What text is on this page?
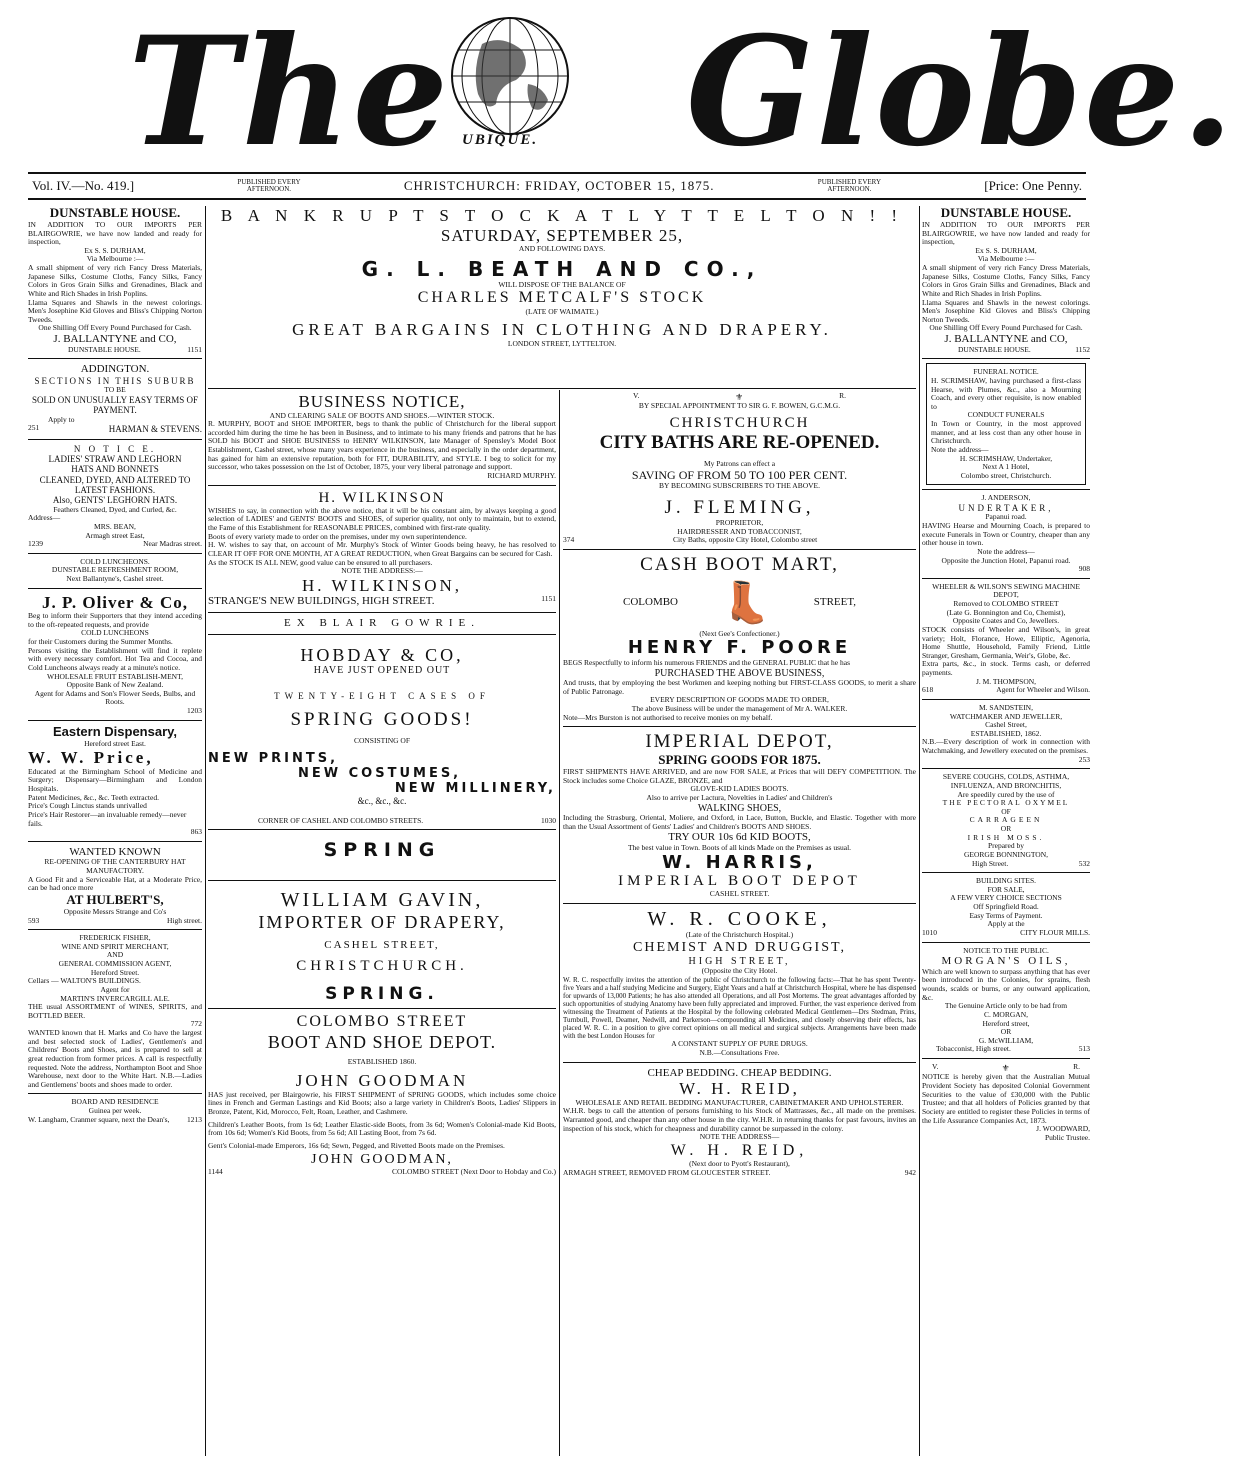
The UBIQUE. Globe.
Vol. IV.—No. 419.]	PUBLISHED EVERY AFTERNOON.	CHRISTCHURCH: FRIDAY, OCTOBER 15, 1875.	PUBLISHED EVERY AFTERNOON.	[Price: One Penny.
DUNSTABLE HOUSE.
IN ADDITION TO OUR IMPORTS PER BLAIRGOWRIE, we have now landed and ready for inspection,
Ex S. S. DURHAM,
Via Melbourne :—
A small shipment of very rich Fancy Dress Materials, Japanese Silks, Costume Cloths, Fancy Silks, Fancy Colors in Gros Grain Silks and Grenadines, Black and White and Rich Shades in Irish Poplins.
Llama Squares and Shawls in the newest colorings. Men's Josephine Kid Gloves and Bliss's Chipping Norton Tweeds.
One Shilling Off Every Pound Purchased for Cash.
J. BALLANTYNE and CO,
DUNSTABLE HOUSE.	1151
ADDINGTON.
SECTIONS IN THIS SUBURB
TO BE
SOLD ON UNUSUALLY EASY TERMS OF PAYMENT.
Apply to
251	HARMAN & STEVENS.
N O T I C E.
LADIES' STRAW AND LEGHORN
HATS AND BONNETS
CLEANED, DYED, AND ALTERED TO LATEST FASHIONS.
Also, GENTS' LEGHORN HATS.
Feathers Cleaned, Dyed, and Curled, &c.
Address—
MRS. BEAN,
Armagh street East,
1239	Near Madras street.
COLD LUNCHEONS.
DUNSTABLE REFRESHMENT ROOM,
Next Ballantyne's, Cashel street.
J. P. Oliver & Co,
Beg to inform their Supporters that they intend acceding to the oft-repeated requests, and provide
COLD LUNCHEONS
for their Customers during the Summer Months.
Persons visiting the Establishment will find it replete with every necessary comfort. Hot Tea and Cocoa, and Cold Luncheons always ready at a minute's notice.
WHOLESALE FRUIT ESTABLISH-MENT,
Opposite Bank of New Zealand.
Agent for Adams and Son's Flower Seeds, Bulbs, and Roots.
1203
Eastern Dispensary,
Hereford street East.
W. W. Price,
Educated at the Birmingham School of Medicine and Surgery; Dispensary—Birmingham and London Hospitals.
Patent Medicines, &c., &c. Teeth extracted.
Price's Cough Linctus stands unrivalled
Price's Hair Restorer—an invaluable remedy—never fails.
863
WANTED KNOWN
RE-OPENING OF THE CANTERBURY HAT MANUFACTORY.
A Good Fit and a Serviceable Hat, at a Moderate Price, can be had once more
AT HULBERT'S,
Opposite Messrs Strange and Co's
593	High street.
FREDERICK FISHER,
WINE AND SPIRIT MERCHANT,
AND
GENERAL COMMISSION AGENT,
Hereford Street.
Cellars — WALTON'S BUILDINGS.
Agent for
MARTIN'S INVERCARGILL ALE.
THE usual ASSORTMENT of WINES, SPIRITS, and BOTTLED BEER.
772
WANTED known that H. Marks and Co have the largest and best selected stock of Ladies', Gentlemen's and Childrens' Boots and Shoes, and is prepared to sell at great reduction from former prices. A call is respectfully requested. Note the address, Northampton Boot and Shoe Warehouse, next door to the White Hart. N.B.—Ladies and Gentlemens' boots and shoes made to order.
BOARD AND RESIDENCE
Guinea per week.
W. Langham, Cranmer square, next the Dean's, 1213
B A N K R U P T S T O C K A T L Y T T E L T O N ! !
SATURDAY, SEPTEMBER 25,
AND FOLLOWING DAYS.
G. L. BEATH AND CO.,
WILL DISPOSE OF THE BALANCE OF
CHARLES METCALF'S STOCK
(LATE OF WAIMATE.)
GREAT BARGAINS IN CLOTHING AND DRAPERY.
LONDON STREET, LYTTELTON.
BUSINESS NOTICE,
AND CLEARING SALE OF BOOTS AND SHOES.—WINTER STOCK.
R. MURPHY, BOOT and SHOE IMPORTER, begs to thank the public of Christchurch for the liberal support accorded him during the time he has been in Business, and to intimate to his many friends and patrons that he has SOLD his BOOT and SHOE BUSINESS to HENRY WILKINSON, late Manager of Spensley's Model Boot Establishment, Cashel street, whose many years experience in the business, and especially in the order department, has gained for him an extensive reputation, both for FIT, DURABILITY, and STYLE. I beg to solicit for my successor, who takes possession on the 1st of October, 1875, your very liberal patronage and support.
RICHARD MURPHY.
H. WILKINSON
WISHES to say, in connection with the above notice, that it will be his constant aim, by always keeping a good selection of LADIES' and GENTS' BOOTS and SHOES, of superior quality, not only to maintain, but to extend, the Fame of this Establishment for REASONABLE PRICES, combined with first-rate quality.
Boots of every variety made to order on the premises, under my own superintendence.
H. W. wishes to say that, on account of Mr. Murphy's Stock of Winter Goods being heavy, he has resolved to CLEAR IT OFF FOR ONE MONTH, AT A GREAT REDUCTION, when Great Bargains can be secured for Cash.
As the STOCK IS ALL NEW, good value can be ensured to all purchasers.
NOTE THE ADDRESS:—
H. WILKINSON,
STRANGE'S NEW BUILDINGS, HIGH STREET.	1151
EX BLAIR GOWRIE.
HOBDAY & CO,
HAVE JUST OPENED OUT
TWENTY-EIGHT CASES OF
SPRING GOODS!
CONSISTING OF
NEW PRINTS,
NEW COSTUMES,
NEW MILLINERY,
&c., &c., &c.
CORNER OF CASHEL AND COLOMBO STREETS.	1030
SPRING
WILLIAM GAVIN,
IMPORTER OF DRAPERY,
CASHEL STREET,
CHRISTCHURCH.
SPRING.
COLOMBO STREET
BOOT AND SHOE DEPOT.
ESTABLISHED 1860.
JOHN GOODMAN
HAS just received, per Blairgowrie, his FIRST SHIPMENT of SPRING GOODS, which includes some choice lines in French and German Lastings and Kid Boots; also a large variety in Children's Boots, Ladies' Slippers in Bronze, Patent, Kid, Morocco, Felt, Roan, Leather, and Cashmere.
Children's Leather Boots, from 1s 6d; Leather Elastic-side Boots, from 3s 6d; Women's Colonial-made Kid Boots, from 10s 6d; Women's Kid Boots, from 5s 6d; All Lasting Boot, from 7s 6d.
Gent's Colonial-made Emperors, 16s 6d; Sewn, Pegged, and Rivetted Boots made on the Premises.
JOHN GOODMAN,
1144	COLOMBO STREET (Next Door to Hobday and Co.)
V.	⚜	R.
BY SPECIAL APPOINTMENT TO SIR G. F. BOWEN, G.C.M.G.
CHRISTCHURCH
CITY BATHS ARE RE-OPENED.
My Patrons can effect a
SAVING OF FROM 50 TO 100 PER CENT.
BY BECOMING SUBSCRIBERS TO THE ABOVE.
J. FLEMING,
PROPRIETOR,
HAIRDRESSER AND TOBACCONIST,
374	City Baths, opposite City Hotel, Colombo street
CASH BOOT MART,
COLOMBO 👢	STREET,
(Next Gee's Confectioner.)
HENRY F. POORE
BEGS Respectfully to inform his numerous FRIENDS and the GENERAL PUBLIC that he has
PURCHASED THE ABOVE BUSINESS,
And trusts, that by employing the best Workmen and keeping nothing but FIRST-CLASS GOODS, to merit a share of Public Patronage.
EVERY DESCRIPTION OF GOODS MADE TO ORDER,
The above Business will be under the management of Mr A. WALKER.
Note—Mrs Burston is not authorised to receive monies on my behalf.
IMPERIAL DEPOT,
SPRING GOODS FOR 1875.
FIRST SHIPMENTS HAVE ARRIVED, and are now FOR SALE, at Prices that will DEFY COMPETITION. The Stock includes some Choice GLAZE, BRONZE, and
GLOVE-KID LADIES BOOTS.
Also to arrive per Lactura, Novelties in Ladies' and Children's
WALKING SHOES,
Including the Strasburg, Oriental, Moliere, and Oxford, in Lace, Button, Buckle, and Elastic. Together with more than the Usual Assortment of Gents' Ladies' and Children's BOOTS AND SHOES.
TRY OUR 10s 6d KID BOOTS,
The best value in Town. Boots of all kinds Made on the Premises as usual.
W. HARRIS,
IMPERIAL BOOT DEPOT
CASHEL STREET.
W. R. COOKE,
(Late of the Christchurch Hospital.)
CHEMIST AND DRUGGIST,
HIGH STREET,
(Opposite the City Hotel.
W. R. C. respectfully invites the attention of the public of Christchurch to the following facts:—That he has spent Twenty-five Years and a half studying Medicine and Surgery, Eight Years and a half at Christchurch Hospital, where he has dispensed for upwards of 13,000 Patients; he has also attended all Operations, and all Post Mortems. The great advantages afforded by such opportunities of studying Anatomy have been fully appreciated and improved. Further, the vast experience derived from witnessing the Treatment of Patients at the Hospital by the following celebrated Medical Gentlemen—Drs Stedman, Prins, Turnbull, Powell, Deamer, Nedwill, and Parkerson—compounding all Medicines, and closely observing their effects, has placed W. R. C. in a position to give correct opinions on all medical and surgical subjects. Arrangements have been made with the best London Houses for
A CONSTANT SUPPLY OF PURE DRUGS.
N.B.—Consultations Free.
CHEAP BEDDING. CHEAP BEDDING.
W. H. REID,
WHOLESALE AND RETAIL BEDDING MANUFACTURER, CABINETMAKER AND UPHOLSTERER.
W.H.R. begs to call the attention of persons furnishing to his Stock of Mattrasses, &c., all made on the premises. Warranted good, and cheaper than any other house in the city. W.H.R. in returning thanks for past favours, invites an inspection of his stock, which for cheapness and durability cannot be surpassed in the colony.
NOTE THE ADDRESS—
W. H. REID,
(Next door to Pyott's Restaurant),
ARMAGH STREET, REMOVED FROM GLOUCESTER STREET.	942
DUNSTABLE HOUSE.
IN ADDITION TO OUR IMPORTS PER BLAIRGOWRIE, we have now landed and ready for inspection,
Ex S. S. DURHAM,
Via Melbourne :—
A small shipment of very rich Fancy Dress Materials, Japanese Silks, Costume Cloths, Fancy Silks, Fancy Colors in Gros Grain Silks and Grenadines, Black and White and Rich Shades in Irish Poplins.
Llama Squares and Shawls in the newest colorings. Men's Josephine Kid Gloves and Bliss's Chipping Norton Tweeds.
One Shilling Off Every Pound Purchased for Cash.
J. BALLANTYNE and CO,
DUNSTABLE HOUSE.	1152
FUNERAL NOTICE.
H. SCRIMSHAW, having purchased a first-class Hearse, with Plumes, &c., also a Mourning Coach, and every other requisite, is now enabled to
CONDUCT FUNERALS
In Town or Country, in the most approved manner, and at less cost than any other house in Christchurch.
Note the address—
H. SCRIMSHAW, Undertaker,
Next A 1 Hotel,
Colombo street, Christchurch.
J. ANDERSON,
UNDERTAKER,
Papanui road.
HAVING Hearse and Mourning Coach, is prepared to execute Funerals in Town or Country, cheaper than any other house in town.
Note the address—
Opposite the Junction Hotel, Papanui road.
908
WHEELER & WILSON'S SEWING MACHINE DEPOT,
Removed to COLOMBO STREET
(Late G. Bonnington and Co, Chemist),
Opposite Coates and Co, Jewellers.
STOCK consists of Wheeler and Wilson's, in great variety; Holt, Florance, Howe, Elliptic, Agenoria, Home Shuttle, Household, Family Friend, Little Stranger, Gresham, Germania, Weir's, Globe, &c.
Extra parts, &c., in stock. Terms cash, or deferred payments.
J. M. THOMPSON,
618	Agent for Wheeler and Wilson.
M. SANDSTEIN,
WATCHMAKER AND JEWELLER,
Cashel Street,
ESTABLISHED, 1862.
N.B.—Every description of work in connection with Watchmaking, and Jewellery executed on the premises.
253
SEVERE COUGHS, COLDS, ASTHMA, INFLUENZA, AND BRONCHITIS,
Are speedily cured by the use of
THE PECTORAL OXYMEL
OF
CARRAGEEN
OR
IRISH MOSS.
Prepared by
GEORGE BONNINGTON,
High Street.	532
BUILDING SITES.
FOR SALE,
A FEW VERY CHOICE SECTIONS
Off Springfield Road.
Easy Terms of Payment.
Apply at the
1010	CITY FLOUR MILLS.
NOTICE TO THE PUBLIC.
MORGAN'S OILS,
Which are well known to surpass anything that has ever been introduced in the Colonies, for sprains, flesh wounds, scalds or burns, or any outward application, &c.
The Genuine Article only to be had from
C. MORGAN,
Hereford street,
OR
G. McWILLIAM,
Tobacconist, High street.	513
V.	⚜	R.
NOTICE is hereby given that the Australian Mutual Provident Society has deposited Colonial Government Securities to the value of £30,000 with the Public Trustee; and that all holders of Policies granted by that Society are entitled to register these Policies in terms of the Life Assurance Companies Act, 1873.
J. WOODWARD,
Public Trustee.
